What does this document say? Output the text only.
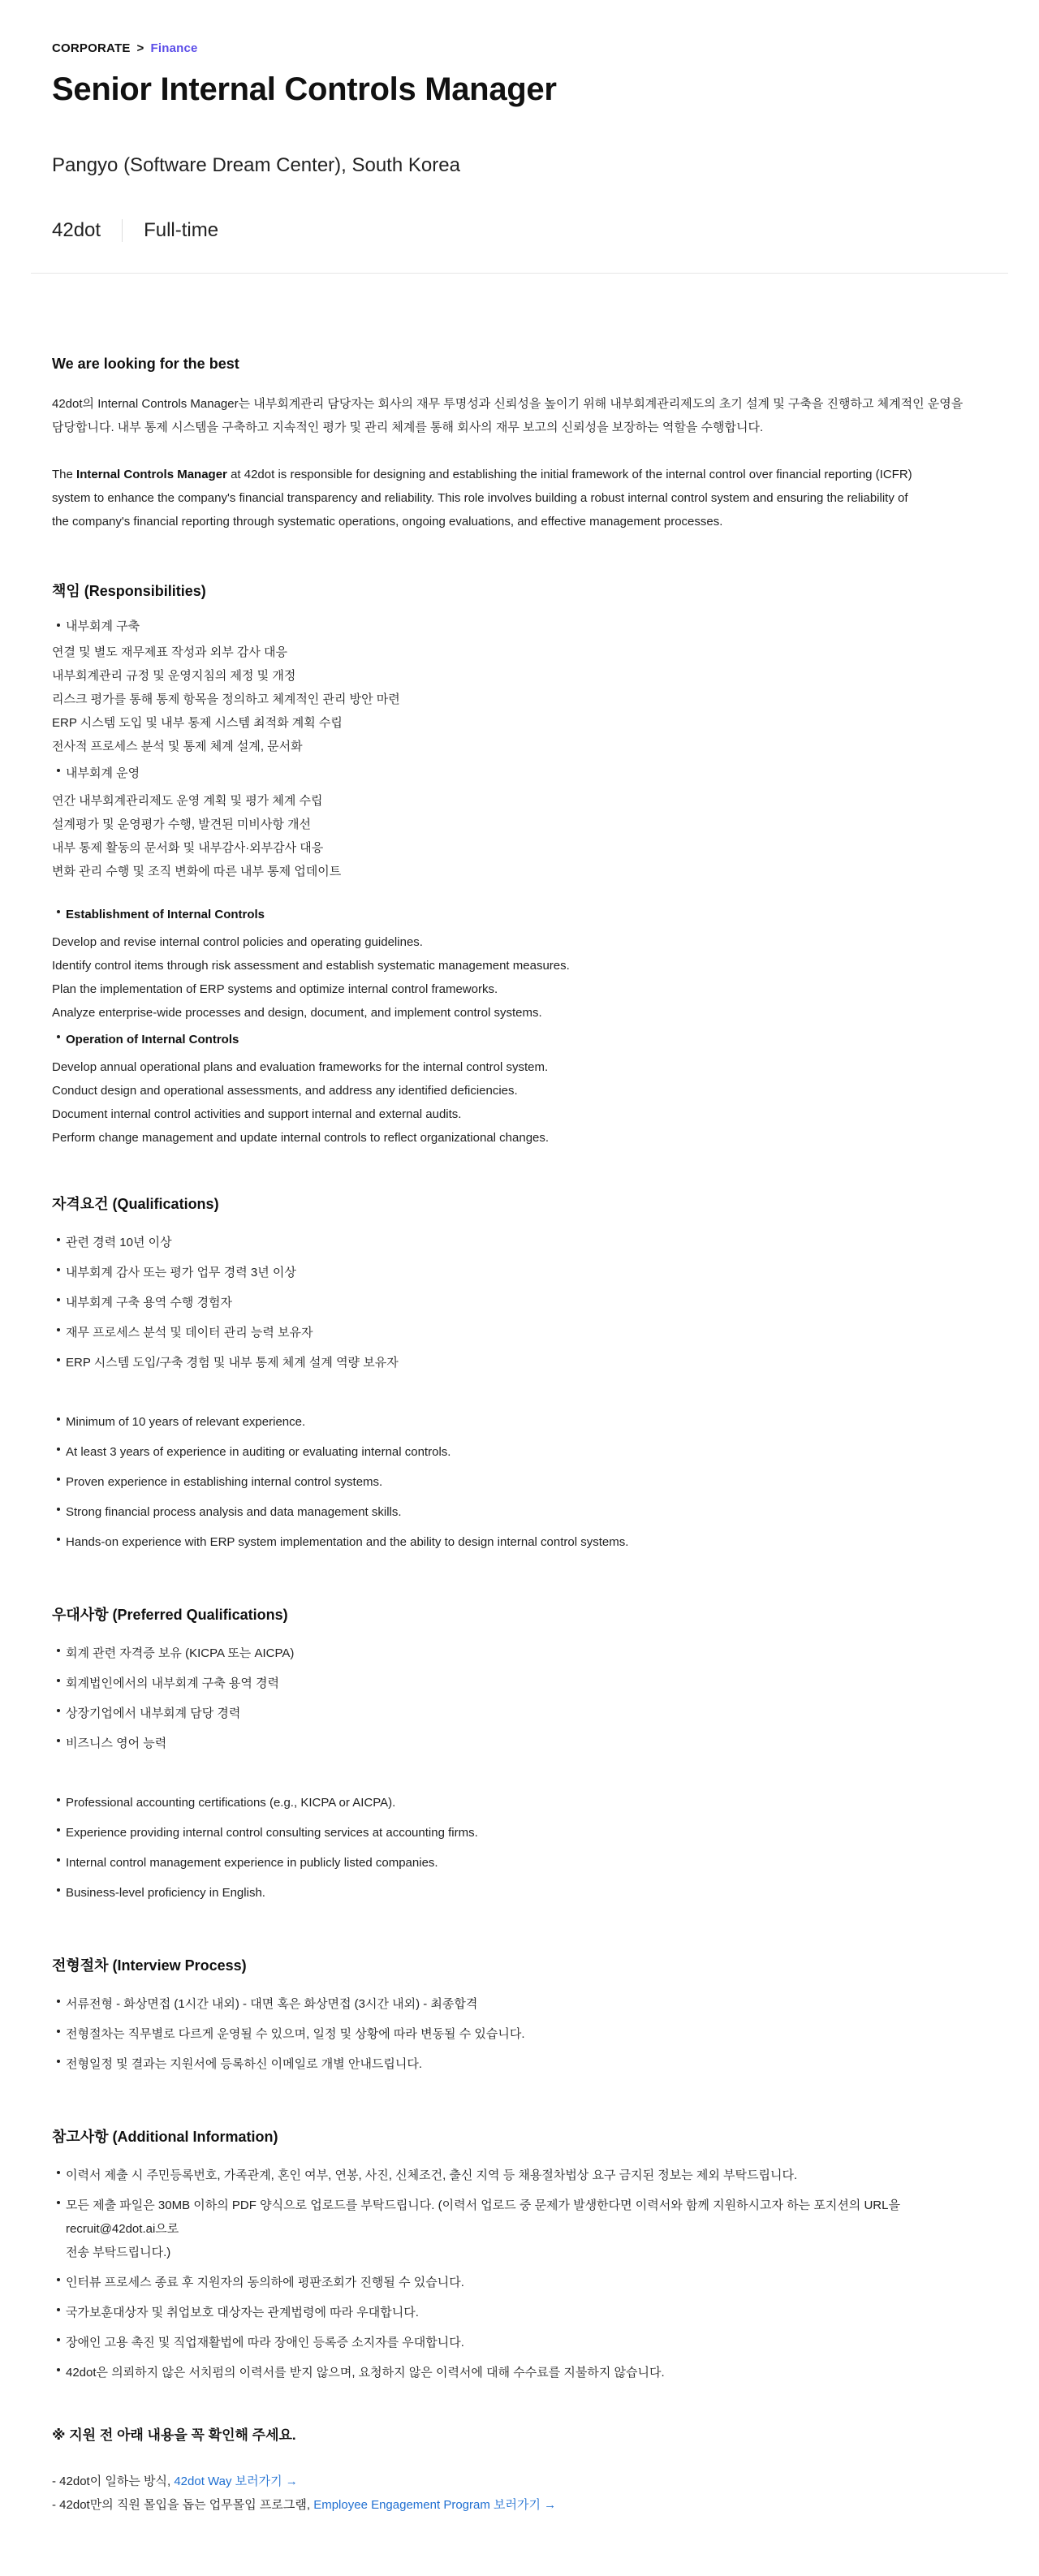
CORPORATE > Finance
Senior Internal Controls Manager
Pangyo (Software Dream Center), South Korea
42dot Full-time
We are looking for the best

42dot의 Internal Controls Manager는 내부회계관리 담당자는 회사의 재무 투명성과 신뢰성을 높이기 위해 내부회계관리제도의 초기 설계 및 구축을 진행하고 체계적인 운영을

담당합니다. 내부 통제 시스템을 구축하고 지속적인 평가 및 관리 체계를 통해 회사의 재무 보고의 신뢰성을 보장하는 역할을 수행합니다.

The Internal Controls Manager at 42dot is responsible for designing and establishing the initial framework of the internal control over financial reporting (ICFR)

system to enhance the company's financial transparency and reliability. This role involves building a robust internal control system and ensuring the reliability of

the company's financial reporting through systematic operations, ongoing evaluations, and effective management processes.

책임 (Responsibilities)
내부회계 구축

연결 및 별도 재무제표 작성과 외부 감사 대응

내부회계관리 규정 및 운영지침의 제정 및 개정

리스크 평가를 통해 통제 항목을 정의하고 체계적인 관리 방안 마련

ERP 시스템 도입 및 내부 통제 시스템 최적화 계획 수립

전사적 프로세스 분석 및 통제 체계 설계, 문서화

내부회계 운영

연간 내부회계관리제도 운영 계획 및 평가 체계 수립

설계평가 및 운영평가 수행, 발견된 미비사항 개선

내부 통제 활동의 문서화 및 내부감사·외부감사 대응

변화 관리 수행 및 조직 변화에 따른 내부 통제 업데이트

Establishment of Internal Controls

Develop and revise internal control policies and operating guidelines.

Identify control items through risk assessment and establish systematic management measures.

Plan the implementation of ERP systems and optimize internal control frameworks.

Analyze enterprise-wide processes and design, document, and implement control systems.

Operation of Internal Controls

Develop annual operational plans and evaluation frameworks for the internal control system.

Conduct design and operational assessments, and address any identified deficiencies.

Document internal control activities and support internal and external audits.

Perform change management and update internal controls to reflect organizational changes.

자격요건 (Qualifications)
관련 경력 10년 이상
내부회계 감사 또는 평가 업무 경력 3년 이상
내부회계 구축 용역 수행 경험자
재무 프로세스 분석 및 데이터 관리 능력 보유자
ERP 시스템 도입/구축 경험 및 내부 통제 체계 설계 역량 보유자
Minimum of 10 years of relevant experience.
At least 3 years of experience in auditing or evaluating internal controls.
Proven experience in establishing internal control systems.
Strong financial process analysis and data management skills.
Hands-on experience with ERP system implementation and the ability to design internal control systems.
우대사항 (Preferred Qualifications)
회계 관련 자격증 보유 (KICPA 또는 AICPA)
회계법인에서의 내부회계 구축 용역 경력
상장기업에서 내부회계 담당 경력
비즈니스 영어 능력
Professional accounting certifications (e.g., KICPA or AICPA).
Experience providing internal control consulting services at accounting firms.
Internal control management experience in publicly listed companies.
Business-level proficiency in English.
전형절차 (Interview Process)
서류전형 - 화상면접 (1시간 내외) - 대면 혹은 화상면접 (3시간 내외) - 최종합격
전형절차는 직무별로 다르게 운영될 수 있으며, 일정 및 상황에 따라 변동될 수 있습니다.
전형일정 및 결과는 지원서에 등록하신 이메일로 개별 안내드립니다.
참고사항 (Additional Information)
이력서 제출 시 주민등록번호, 가족관계, 혼인 여부, 연봉, 사진, 신체조건, 출신 지역 등 채용절차법상 요구 금지된 정보는 제외 부탁드립니다.
모든 제출 파일은 30MB 이하의 PDF 양식으로 업로드를 부탁드립니다. (이력서 업로드 중 문제가 발생한다면 이력서와 함께 지원하시고자 하는 포지션의 URL을 recruit@42dot.ai으로
전송 부탁드립니다.)
인터뷰 프로세스 종료 후 지원자의 동의하에 평판조회가 진행될 수 있습니다.
국가보훈대상자 및 취업보호 대상자는 관계법령에 따라 우대합니다.
장애인 고용 촉진 및 직업재활법에 따라 장애인 등록증 소지자를 우대합니다.
42dot은 의뢰하지 않은 서치펌의 이력서를 받지 않으며, 요청하지 않은 이력서에 대해 수수료를 지불하지 않습니다.
※ 지원 전 아래 내용을 꼭 확인해 주세요.

- 42dot이 일하는 방식, 42dot Way 보러가기 →

- 42dot만의 직원 몰입을 돕는 업무몰입 프로그램, Employee Engagement Program 보러가기 →
